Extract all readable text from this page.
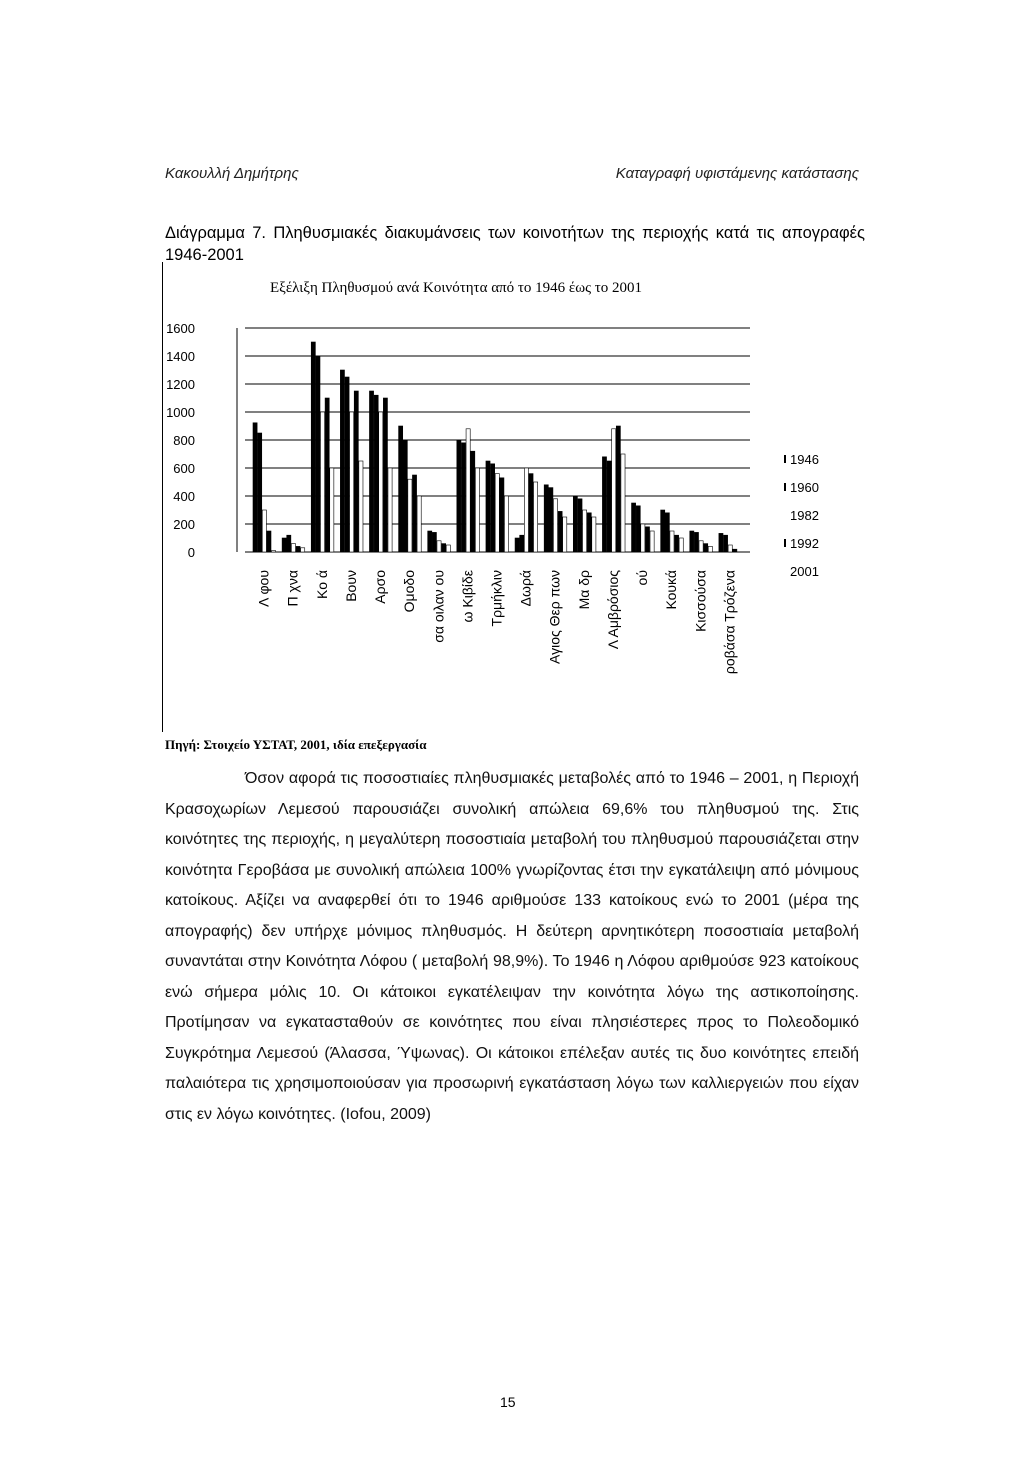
Κακουλλή Δημήτρης	Καταγραφή υφιστάμενης κατάστασης
Διάγραμμα 7. Πληθυσμιακές διακυμάνσεις των κοινοτήτων της περιοχής κατά τις απογραφές 1946-2001
Εξέλιξη Πληθυσμού ανά Κοινότητα από το 1946 έως το 2001
1600
1400
1200
1000
800
600
400
200
0
Λ φου Π χνα Κο ά Βουν Αρσο Ομοδο σα οιλαν ου ω Κιβίδε Τρμήκλιν Δωρά Αγιος Θερ πων Μα δρ Λ Αμβρόσιος ού Κουκά Κισσούσα ροβάσα Τρόζενα
1946
1960
1982
1992
2001
Πηγή: Στοιχείο ΥΣΤΑΤ, 2001, ιδία επεξεργασία

Όσον αφορά τις ποσοστιαίες πληθυσμιακές μεταβολές από το 1946 – 2001, η Περιοχή Κρασοχωρίων Λεμεσού παρουσιάζει συνολική απώλεια 69,6% του πληθυσμού της. Στις κοινότητες της περιοχής, η μεγαλύτερη ποσοστιαία μεταβολή του πληθυσμού παρουσιάζεται στην κοινότητα Γεροβάσα με συνολική απώλεια 100% γνωρίζοντας έτσι την εγκατάλειψη από μόνιμους κατοίκους. Αξίζει να αναφερθεί ότι το 1946 αριθμούσε 133 κατοίκους ενώ το 2001 (μέρα της απογραφής) δεν υπήρχε μόνιμος πληθυσμός. Η δεύτερη αρνητικότερη ποσοστιαία μεταβολή συναντάται στην Κοινότητα Λόφου ( μεταβολή 98,9%). Το 1946 η Λόφου αριθμούσε 923 κατοίκους ενώ σήμερα μόλις 10. Οι κάτοικοι εγκατέλειψαν την κοινότητα λόγω της αστικοποίησης. Προτίμησαν να εγκατασταθούν σε κοινότητες που είναι πλησιέστερες προς το Πολεοδομικό Συγκρότημα Λεμεσού (Άλασσα, Ύψωνας). Οι κάτοικοι επέλεξαν αυτές τις δυο κοινότητες επειδή παλαιότερα τις χρησιμοποιούσαν για προσωρινή εγκατάσταση λόγω των καλλιεργειών που είχαν στις εν λόγω κοινότητες. (Iofou, 2009)

15
